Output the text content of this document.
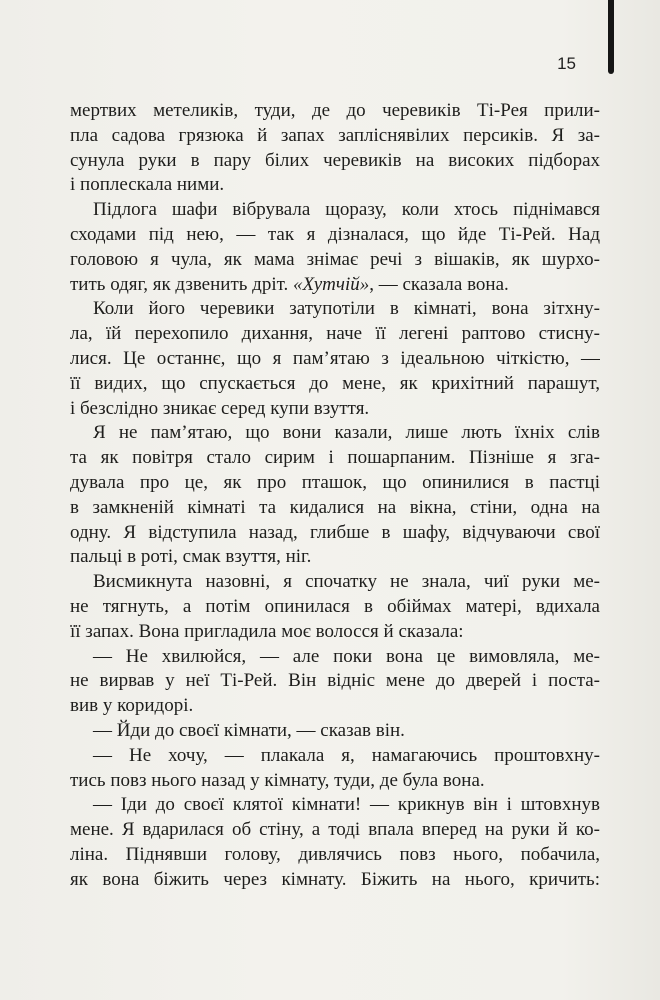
15
мертвих метеликів, туди, де до черевиків Ті-Рея прили-
пла садова грязюка й запах запліснявілих персиків. Я за-
сунула руки в пару білих черевиків на високих підборах
і поплескала ними.
Підлога шафи вібрувала щоразу, коли хтось піднімався
сходами під нею, — так я дізналася, що йде Ті-Рей. Над
головою я чула, як мама знімає речі з вішаків, як шурхо-
тить одяг, як дзвенить дріт. «Хутчій», — сказала вона.
Коли його черевики затупотіли в кімнаті, вона зітхну-
ла, їй перехопило дихання, наче її легені раптово стисну-
лися. Це останнє, що я пам’ятаю з ідеальною чіткістю, —
її видих, що спускається до мене, як крихітний парашут,
і безслідно зникає серед купи взуття.
Я не пам’ятаю, що вони казали, лише лють їхніх слів
та як повітря стало сирим і пошарпаним. Пізніше я згa-
дувала про це, як про пташок, що опинилися в пастці
в замкненій кімнаті та кидалися на вікна, стіни, одна на
одну. Я відступила назад, глибше в шафу, відчуваючи свої
пальці в роті, смак взуття, ніг.
Висмикнута назовні, я спочатку не знала, чиї руки ме-
не тягнуть, а потім опинилася в обіймах матері, вдихала
її запах. Вона пригладила моє волосся й сказала:
— Не хвилюйся, — але поки вона це вимовляла, ме-
не вирвав у неї Ті-Рей. Він відніс мене до дверей і поста-
вив у коридорі.
— Йди до своєї кімнати, — сказав він.
— Не хочу, — плакала я, намагаючись проштовхну-
тись повз нього назад у кімнату, туди, де була вона.
— Іди до своєї клятої кімнати! — крикнув він і штовхнув
мене. Я вдарилася об стіну, а тоді впала вперед на руки й ко-
ліна. Піднявши голову, дивлячись повз нього, побачила,
як вона біжить через кімнату. Біжить на нього, кричить:
